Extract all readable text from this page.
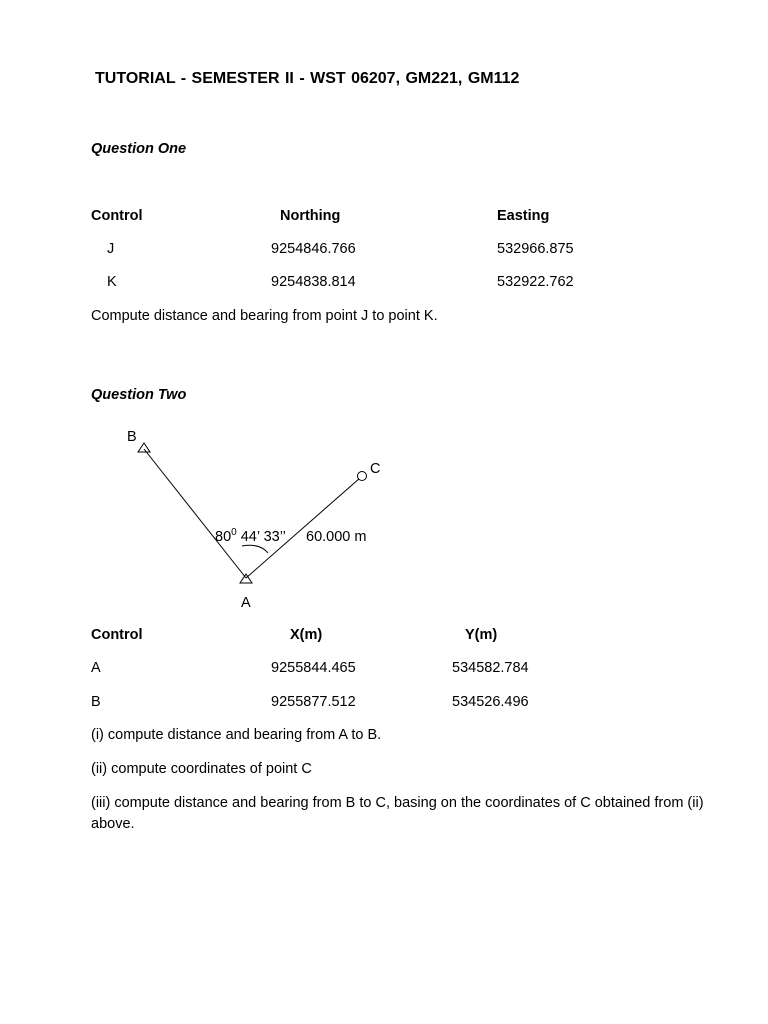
TUTORIAL - SEMESTER II - WST 06207, GM221, GM112
Question One
Control	Northing	Easting
J	9254846.766	532966.875
K	9254838.814	532922.762
Compute distance and bearing from point J to point K.
Question Two
B
C
A
$80^0$ 44’ 33’’ 60.000 m
Control	X(m)	Y(m)
A	9255844.465	534582.784
B	9255877.512	534526.496
(i) compute distance and bearing from A to B.
(ii) compute coordinates of point C
(iii) compute distance and bearing from B to C, basing on the coordinates of C obtained from (ii) above.
